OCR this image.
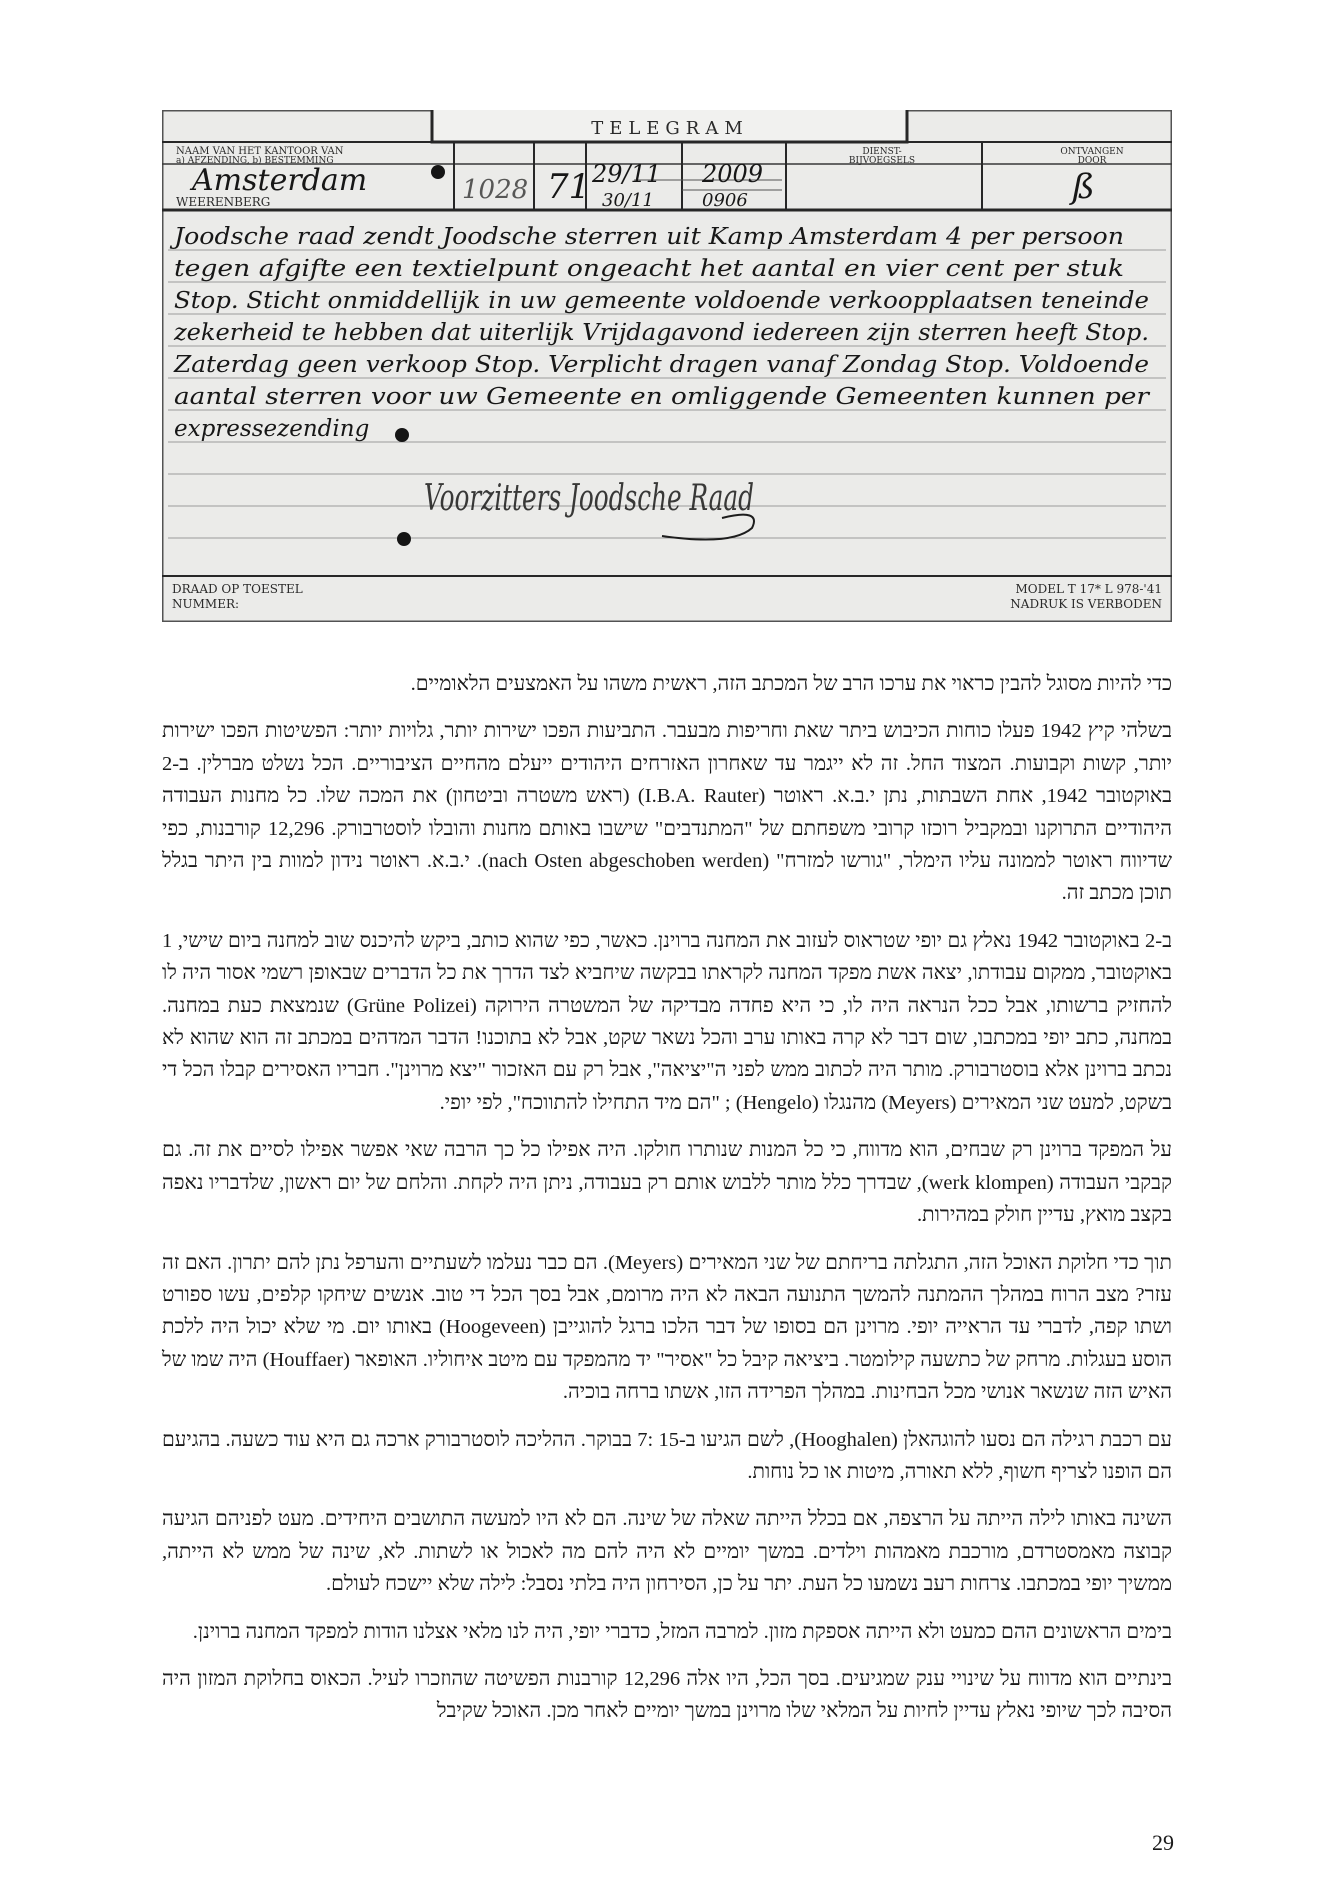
TELEGRAM
NAAM VAN HET KANTOOR VAN
a) AFZENDING, b) BESTEMMING
DIENST-
BIJVOEGSELS
ONTVANGEN
DOOR
Amsterdam
WEERENBERG	1028 71 29/11
30/11
2009
0906	ß
Joodsche raad zendt Joodsche sterren uit Kamp Amsterdam 4 per persoon
tegen afgifte een textielpunt ongeacht het aantal en vier cent per stuk
Stop. Sticht onmiddellijk in uw gemeente voldoende verkoopplaatsen teneinde
zekerheid te hebben dat uiterlijk Vrijdagavond iedereen zijn sterren heeft Stop.
Zaterdag geen verkoop Stop. Verplicht dragen vanaf Zondag Stop. Voldoende
aantal sterren voor uw Gemeente en omliggende Gemeenten kunnen per
expressezending
Voorzitters Joodsche Raad
DRAAD OP TOESTEL
NUMMER:
MODEL T 17* L 978-'41
NADRUK IS VERBODEN

כדי להיות מסוגל להבין כראוי את ערכו הרב של המכתב הזה, ראשית משהו על האמצעים הלאומיים.

בשלהי קיץ 1942 פעלו כוחות הכיבוש ביתר שאת וחריפות מבעבר. התביעות הפכו ישירות יותר, גלויות יותר: הפשיטות הפכו ישירות יותר, קשות וקבועות. המצוד החל. זה לא ייגמר עד שאחרון האזרחים היהודים ייעלם מהחיים הציבוריים. הכל נשלט מברלין. ב-2 באוקטובר 1942, אחת השבתות, נתן י.ב.א. ראוטר (I.B.A. Rauter) (ראש משטרה וביטחון) את המכה שלו. כל מחנות העבודה היהודיים התרוקנו ובמקביל רוכזו קרובי משפחתם של "המתנדבים" שישבו באותם מחנות והובלו לוסטרבורק. 12,296 קורבנות, כפי שדיווח ראוטר לממונה עליו הימלר, "גורשו למזרח" (nach Osten abgeschoben werden). י.ב.א. ראוטר נידון למוות בין היתר בגלל תוכן מכתב זה.

ב-2 באוקטובר 1942 נאלץ גם יופי שטראוס לעזוב את המחנה ברוינן. כאשר, כפי שהוא כותב, ביקש להיכנס שוב למחנה ביום שישי, 1 באוקטובר, ממקום עבודתו, יצאה אשת מפקד המחנה לקראתו בבקשה שיחביא לצד הדרך את כל הדברים שבאופן רשמי אסור היה לו להחזיק ברשותו, אבל ככל הנראה היה לו, כי היא פחדה מבדיקה של המשטרה הירוקה (Grüne Polizei) שנמצאת כעת במחנה. במחנה, כתב יופי במכתבו, שום דבר לא קרה באותו ערב והכל נשאר שקט, אבל לא בתוכנו! הדבר המדהים במכתב זה הוא שהוא לא נכתב ברוינן אלא בוסטרבורק. מותר היה לכתוב ממש לפני ה"יציאה", אבל רק עם האזכור "יצא מרוינן". חבריו האסירים קבלו הכל די בשקט, למעט שני המאירים (Meyers) מהנגלו (Hengelo) ; "הם מיד התחילו להתווכח", לפי יופי.

על המפקד ברוינן רק שבחים, הוא מדווח, כי כל המנות שנותרו חולקו. היה אפילו כל כך הרבה שאי אפשר אפילו לסיים את זה. גם קבקבי העבודה (werk klompen), שבדרך כלל מותר ללבוש אותם רק בעבודה, ניתן היה לקחת. והלחם של יום ראשון, שלדבריו נאפה בקצב מואץ, עדיין חולק במהירות.

תוך כדי חלוקת האוכל הזה, התגלתה בריחתם של שני המאירים (Meyers). הם כבר נעלמו לשעתיים והערפל נתן להם יתרון. האם זה עזר? מצב הרוח במהלך ההמתנה להמשך התנועה הבאה לא היה מרומם, אבל בסך הכל די טוב. אנשים שיחקו קלפים, עשו ספורט ושתו קפה, לדברי עד הראייה יופי. מרוינן הם בסופו של דבר הלכו ברגל להוגייבן (Hoogeveen) באותו יום. מי שלא יכול היה ללכת הוסע בעגלות. מרחק של כתשעה קילומטר. ביציאה קיבל כל "אסיר" יד מהמפקד עם מיטב איחוליו. האופאר (Houffaer) היה שמו של האיש הזה שנשאר אנושי מכל הבחינות. במהלך הפרידה הזו, אשתו ברחה בוכיה.

עם רכבת רגילה הם נסעו להוגהאלן (Hooghalen), לשם הגיעו ב-15 :7 בבוקר. ההליכה לוסטרבורק ארכה גם היא עוד כשעה. בהגיעם הם הופנו לצריף חשוף, ללא תאורה, מיטות או כל נוחות.

השינה באותו לילה הייתה על הרצפה, אם בכלל הייתה שאלה של שינה. הם לא היו למעשה התושבים היחידים. מעט לפניהם הגיעה קבוצה מאמסטרדם, מורכבת מאמהות וילדים. במשך יומיים לא היה להם מה לאכול או לשתות. לא, שינה של ממש לא הייתה, ממשיך יופי במכתבו. צרחות רעב נשמעו כל העת. יתר על כן, הסירחון היה בלתי נסבל: לילה שלא יישכח לעולם.

בימים הראשונים ההם כמעט ולא הייתה אספקת מזון. למרבה המזל, כדברי יופי, היה לנו מלאי אצלנו הודות למפקד המחנה ברוינן.

בינתיים הוא מדווח על שינויי ענק שמגיעים. בסך הכל, היו אלה 12,296 קורבנות הפשיטה שהוזכרו לעיל. הכאוס בחלוקת המזון היה הסיבה לכך שיופי נאלץ עדיין לחיות על המלאי שלו מרוינן במשך יומיים לאחר מכן. האוכל שקיבל

29
